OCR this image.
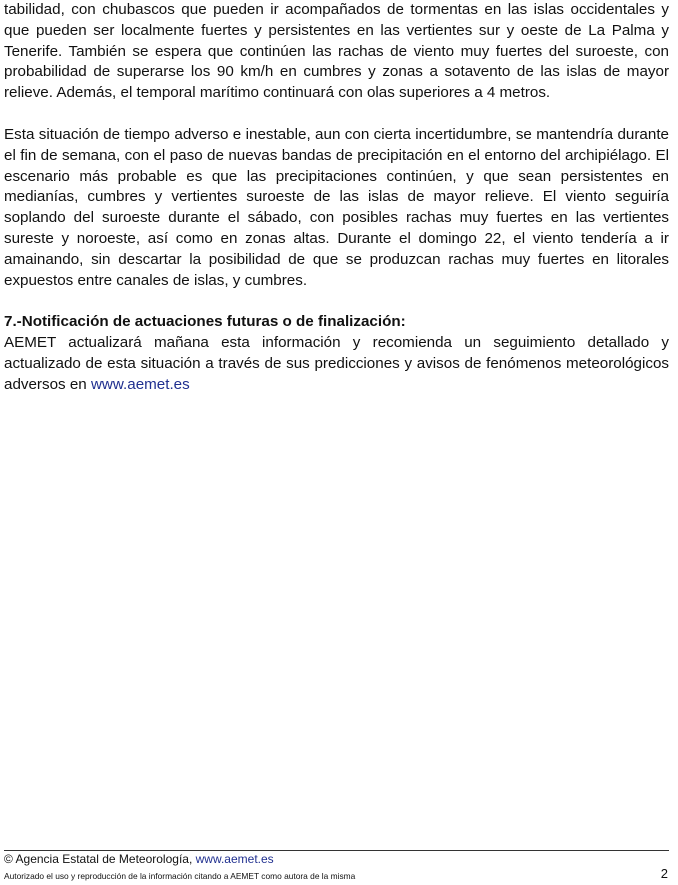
tabilidad, con chubascos que pueden ir acompañados de tormentas en las islas occidentales y que pueden ser localmente fuertes y persistentes en las vertientes sur y oeste de La Palma y Tenerife. También se espera que continúen las rachas de viento muy fuertes del suroeste, con probabilidad de superarse los 90 km/h en cumbres y zonas a sotavento de las islas de mayor relieve. Además, el temporal marítimo continuará con olas superiores a 4 metros.

Esta situación de tiempo adverso e inestable, aun con cierta incertidumbre, se mantendría durante el fin de semana, con el paso de nuevas bandas de precipitación en el entorno del archipiélago. El escenario más probable es que las precipitaciones continúen, y que sean persistentes en medianías, cumbres y vertientes suroeste de las islas de mayor relieve. El viento seguiría soplando del suroeste durante el sábado, con posibles rachas muy fuertes en las vertientes sureste y noroeste, así como en zonas altas. Durante el domingo 22, el viento tendería a ir amainando, sin descartar la posibilidad de que se produzcan rachas muy fuertes en litorales expuestos entre canales de islas, y cumbres.

7.-Notificación de actuaciones futuras o de finalización:

AEMET actualizará mañana esta información y recomienda un seguimiento detallado y actualizado de esta situación a través de sus predicciones y avisos de fenómenos meteorológicos adversos en www.aemet.es

© Agencia Estatal de Meteorología, www.aemet.es
Autorizado el uso y reproducción de la información citando a AEMET como autora de la misma	2
